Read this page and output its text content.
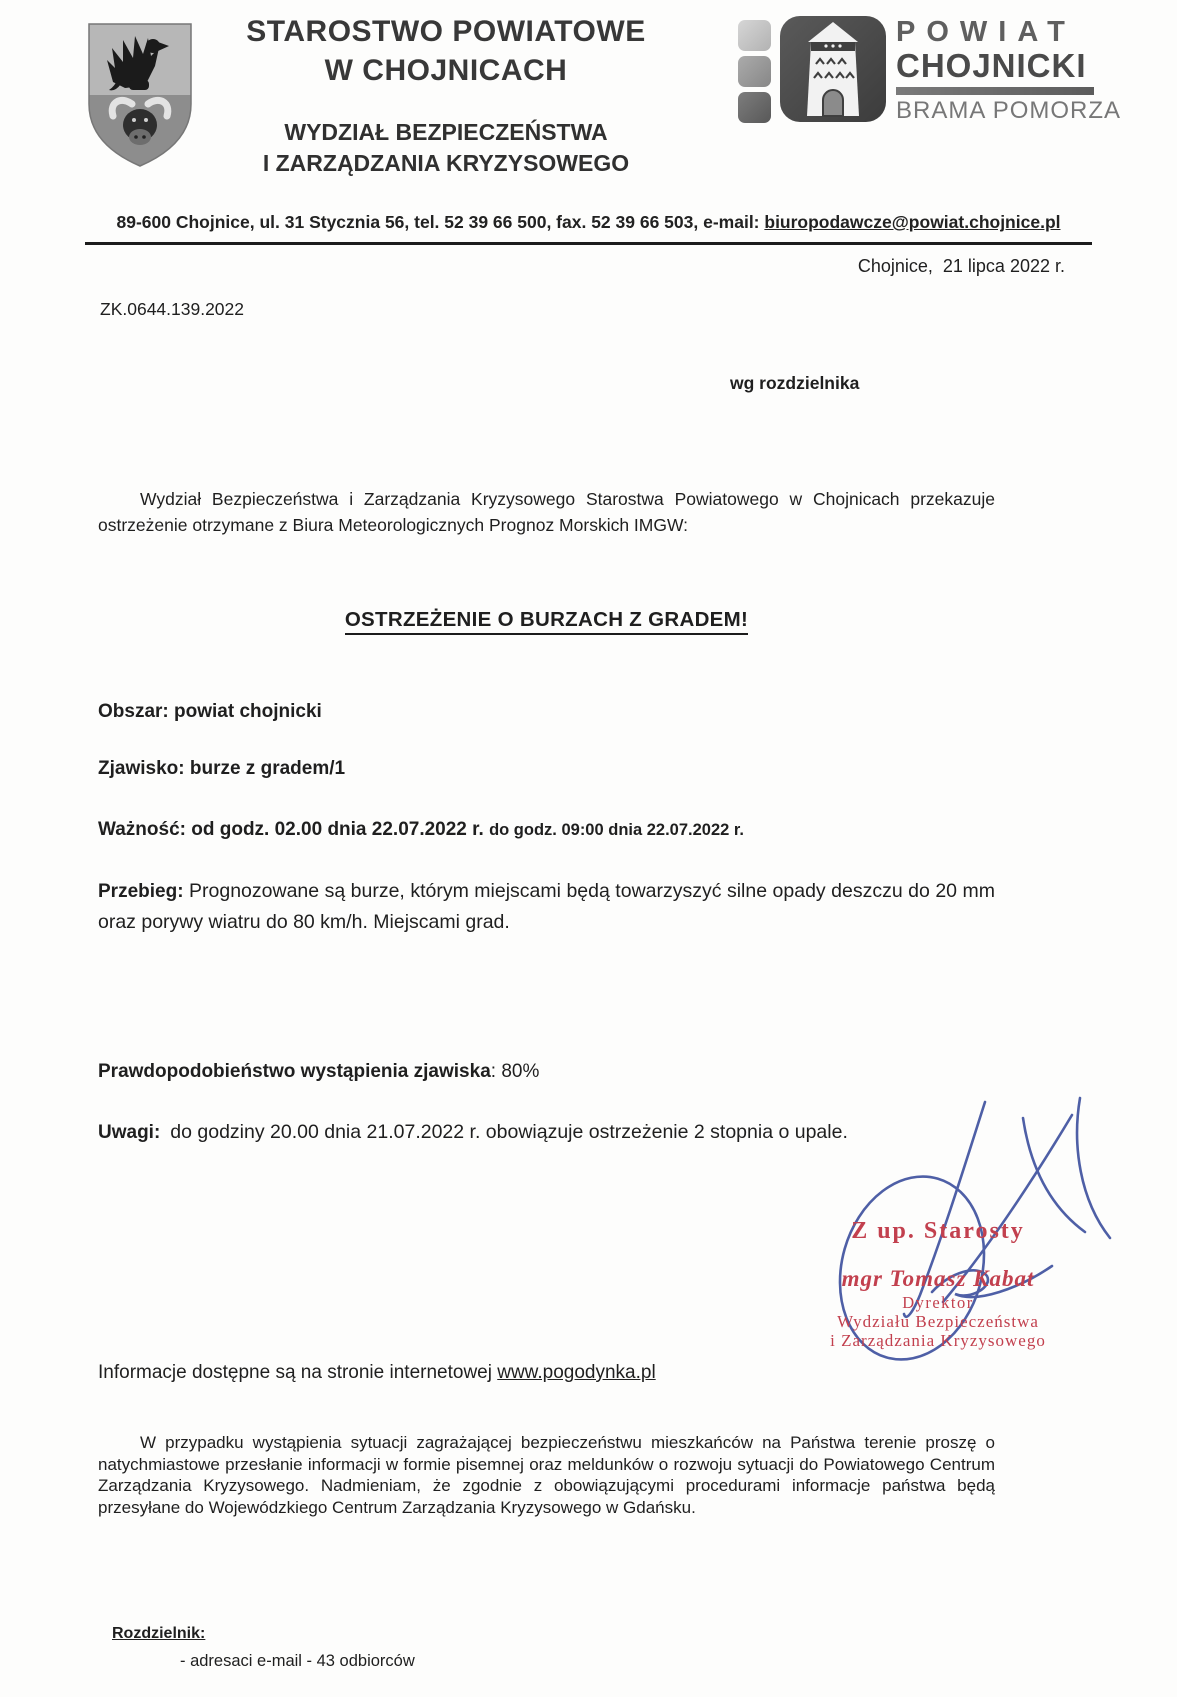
STAROSTWO POWIATOWE
W CHOJNICACH
WYDZIAŁ BEZPIECZEŃSTWA
I ZARZĄDZANIA KRYZYSOWEGO
POWIAT
CHOJNICKI
BRAMA POMORZA
89-600 Chojnice, ul. 31 Stycznia 56, tel. 52 39 66 500, fax. 52 39 66 503, e-mail: biuropodawcze@powiat.chojnice.pl
Chojnice,  21 lipca 2022 r.
ZK.0644.139.2022
wg rozdzielnika
Wydział Bezpieczeństwa i Zarządzania Kryzysowego Starostwa Powiatowego w Chojnicach przekazuje ostrzeżenie otrzymane z Biura Meteorologicznych Prognoz Morskich IMGW:
OSTRZEŻENIE O BURZACH Z GRADEM!
Obszar: powiat chojnicki
Zjawisko: burze z gradem/1
Ważność: od godz. 02.00 dnia 22.07.2022 r. do godz. 09:00 dnia 22.07.2022 r.
Przebieg: Prognozowane są burze, którym miejscami będą towarzyszyć silne opady deszczu do 20 mm oraz porywy wiatru do 80 km/h. Miejscami grad.
Prawdopodobieństwo wystąpienia zjawiska: 80%
Uwagi: do godziny 20.00 dnia 21.07.2022 r. obowiązuje ostrzeżenie 2 stopnia o upale.
Z up. Starosty
mgr Tomasz Kabat
Dyrektor
Wydziału Bezpieczeństwa
i Zarządzania Kryzysowego
Informacje dostępne są na stronie internetowej www.pogodynka.pl
W przypadku wystąpienia sytuacji zagrażającej bezpieczeństwu mieszkańców na Państwa terenie proszę o natychmiastowe przesłanie informacji w formie pisemnej oraz meldunków o rozwoju sytuacji do Powiatowego Centrum Zarządzania Kryzysowego. Nadmieniam, że zgodnie z obowiązującymi procedurami informacje państwa będą przesyłane do Wojewódzkiego Centrum Zarządzania Kryzysowego w Gdańsku.
Rozdzielnik:
- adresaci e-mail - 43 odbiorców
